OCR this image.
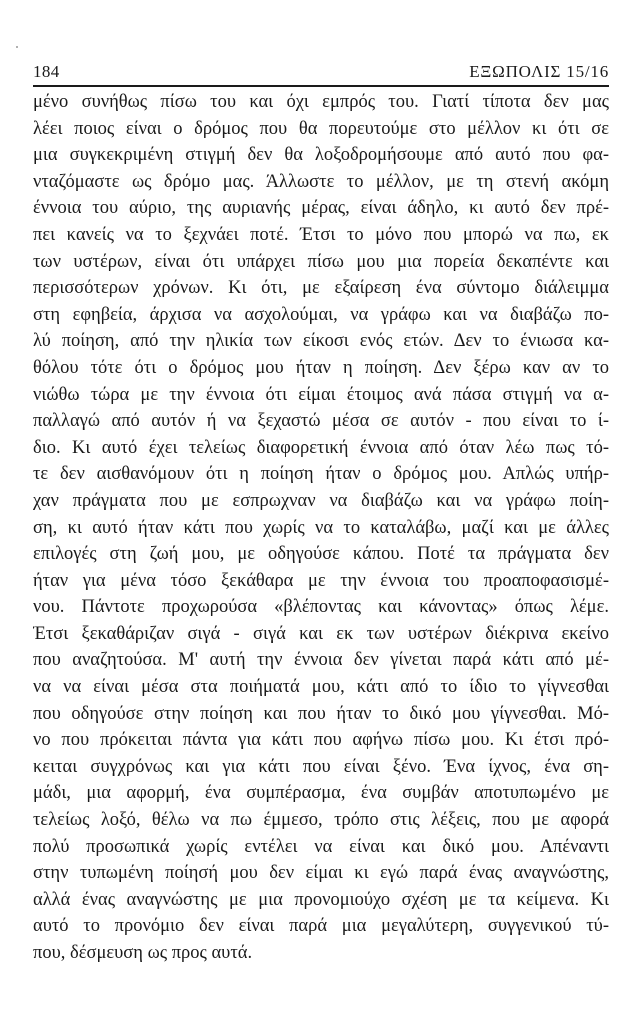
184	ΕΞΩΠΟΛΙΣ 15/16
μένο συνήθως πίσω του και όχι εμπρός του. Γιατί τίποτα δεν μας
λέει ποιος είναι ο δρόμος που θα πορευτούμε στο μέλλον κι ότι σε
μια συγκεκριμένη στιγμή δεν θα λοξοδρομήσουμε από αυτό που φα-
νταζόμαστε ως δρόμο μας. Άλλωστε το μέλλον, με τη στενή ακόμη
έννοια του αύριο, της αυριανής μέρας, είναι άδηλο, κι αυτό δεν πρέ-
πει κανείς να το ξεχνάει ποτέ. Έτσι το μόνο που μπορώ να πω, εκ
των υστέρων, είναι ότι υπάρχει πίσω μου μια πορεία δεκαπέντε και
περισσότερων χρόνων. Κι ότι, με εξαίρεση ένα σύντομο διάλειμμα
στη εφηβεία, άρχισα να ασχολούμαι, να γράφω και να διαβάζω πο-
λύ ποίηση, από την ηλικία των είκοσι ενός ετών. Δεν το ένιωσα κα-
θόλου τότε ότι ο δρόμος μου ήταν η ποίηση. Δεν ξέρω καν αν το
νιώθω τώρα με την έννοια ότι είμαι έτοιμος ανά πάσα στιγμή να α-
παλλαγώ από αυτόν ή να ξεχαστώ μέσα σε αυτόν - που είναι το ί-
διο. Κι αυτό έχει τελείως διαφορετική έννοια από όταν λέω πως τό-
τε δεν αισθανόμουν ότι η ποίηση ήταν ο δρόμος μου. Απλώς υπήρ-
χαν πράγματα που με εσπρωχναν να διαβάζω και να γράφω ποίη-
ση, κι αυτό ήταν κάτι που χωρίς να το καταλάβω, μαζί και με άλλες
επιλογές στη ζωή μου, με οδηγούσε κάπου. Ποτέ τα πράγματα δεν
ήταν για μένα τόσο ξεκάθαρα με την έννοια του προαποφασισμέ-
νου. Πάντοτε προχωρούσα «βλέποντας και κάνοντας» όπως λέμε.
Έτσι ξεκαθάριζαν σιγά - σιγά και εκ των υστέρων διέκρινα εκείνο
που αναζητούσα. Μ' αυτή την έννοια δεν γίνεται παρά κάτι από μέ-
να να είναι μέσα στα ποιήματά μου, κάτι από το ίδιο το γίγνεσθαι
που οδηγούσε στην ποίηση και που ήταν το δικό μου γίγνεσθαι. Μό-
νο που πρόκειται πάντα για κάτι που αφήνω πίσω μου. Κι έτσι πρό-
κειται συγχρόνως και για κάτι που είναι ξένο. Ένα ίχνος, ένα ση-
μάδι, μια αφορμή, ένα συμπέρασμα, ένα συμβάν αποτυπωμένο με
τελείως λοξό, θέλω να πω έμμεσο, τρόπο στις λέξεις, που με αφορά
πολύ προσωπικά χωρίς εντέλει να είναι και δικό μου. Απέναντι
στην τυπωμένη ποίησή μου δεν είμαι κι εγώ παρά ένας αναγνώστης,
αλλά ένας αναγνώστης με μια προνομιούχο σχέση με τα κείμενα. Κι
αυτό το προνόμιο δεν είναι παρά μια μεγαλύτερη, συγγενικού τύ-
που, δέσμευση ως προς αυτά.
